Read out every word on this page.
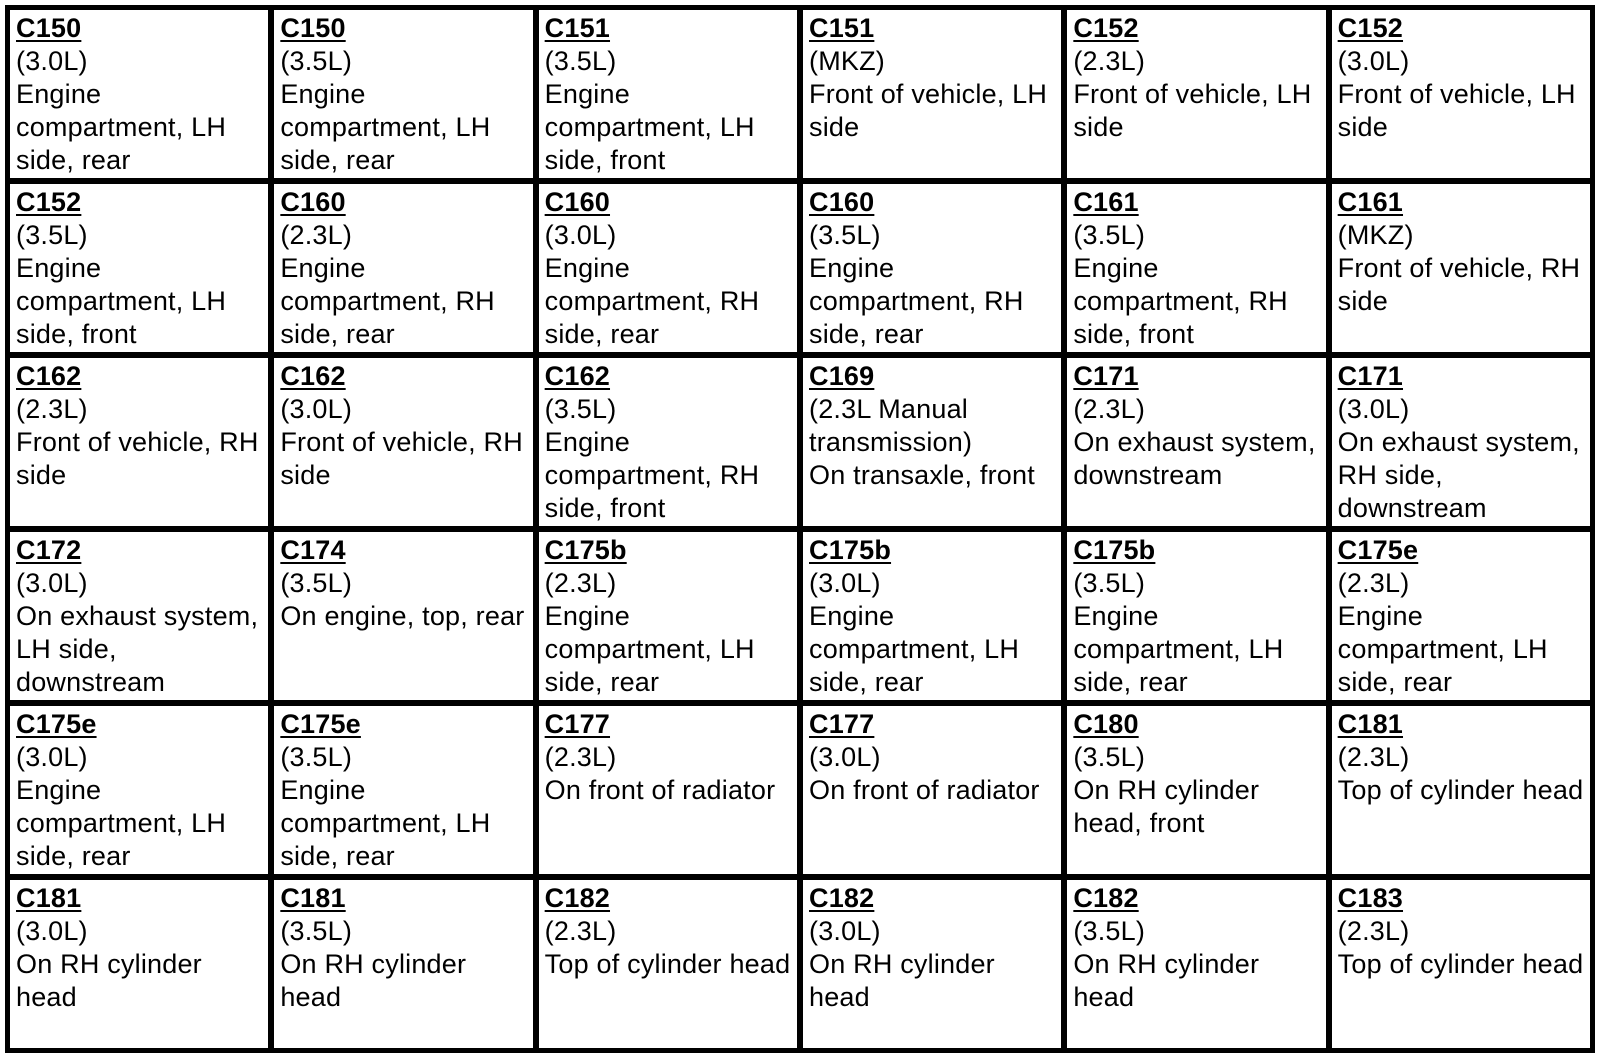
C150
(3.0L)
Engine compartment, LH side, rear
C150
(3.5L)
Engine compartment, LH side, rear
C151
(3.5L)
Engine compartment, LH side, front
C151
(MKZ)
Front of vehicle, LH side
C152
(2.3L)
Front of vehicle, LH side
C152
(3.0L)
Front of vehicle, LH side
C152
(3.5L)
Engine compartment, LH side, front
C160
(2.3L)
Engine compartment, RH side, rear
C160
(3.0L)
Engine compartment, RH side, rear
C160
(3.5L)
Engine compartment, RH side, rear
C161
(3.5L)
Engine compartment, RH side, front
C161
(MKZ)
Front of vehicle, RH side
C162
(2.3L)
Front of vehicle, RH side
C162
(3.0L)
Front of vehicle, RH side
C162
(3.5L)
Engine compartment, RH side, front
C169
(2.3L Manual transmission)
On transaxle, front
C171
(2.3L)
On exhaust system, downstream
C171
(3.0L)
On exhaust system, RH side, downstream
C172
(3.0L)
On exhaust system, LH side, downstream
C174
(3.5L)
On engine, top, rear
C175b
(2.3L)
Engine compartment, LH side, rear
C175b
(3.0L)
Engine compartment, LH side, rear
C175b
(3.5L)
Engine compartment, LH side, rear
C175e
(2.3L)
Engine compartment, LH side, rear
C175e
(3.0L)
Engine compartment, LH side, rear
C175e
(3.5L)
Engine compartment, LH side, rear
C177
(2.3L)
On front of radiator
C177
(3.0L)
On front of radiator
C180
(3.5L)
On RH cylinder head, front
C181
(2.3L)
Top of cylinder head
C181
(3.0L)
On RH cylinder head
C181
(3.5L)
On RH cylinder head
C182
(2.3L)
Top of cylinder head
C182
(3.0L)
On RH cylinder head
C182
(3.5L)
On RH cylinder head
C183
(2.3L)
Top of cylinder head
